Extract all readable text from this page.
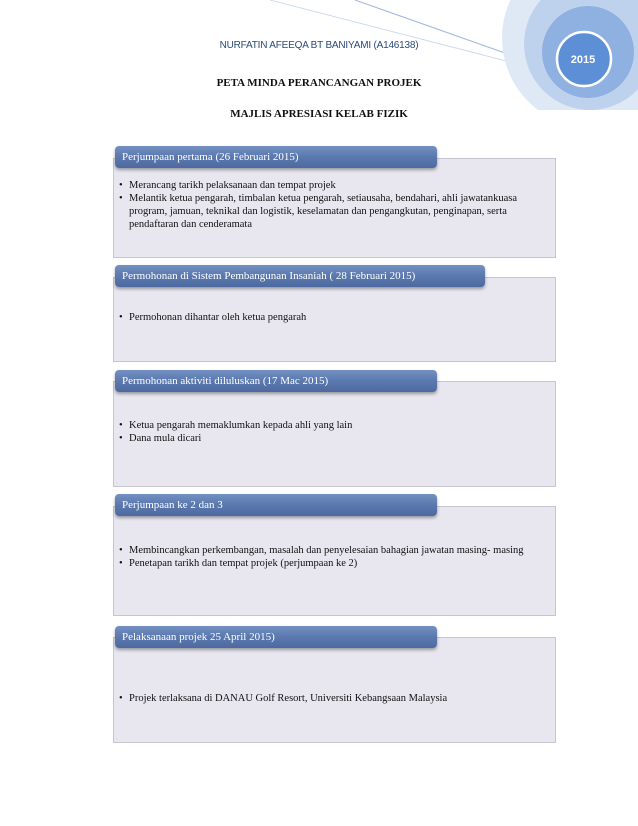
2015
NURFATIN AFEEQA BT BANIYAMI (A146138)
PETA MINDA PERANCANGAN PROJEK
MAJLIS APRESIASI KELAB FIZIK
• Merancang tarikh pelaksanaan dan tempat projek
• Melantik ketua pengarah, timbalan ketua pengarah, setiausaha, bendahari, ahli jawatankuasa program, jamuan, teknikal dan logistik, keselamatan dan pengangkutan, penginapan, serta pendaftaran dan cenderamata
Perjumpaan pertama (26 Februari 2015)
• Permohonan dihantar oleh ketua pengarah
Permohonan di Sistem Pembangunan Insaniah ( 28 Februari 2015)
• Ketua pengarah memaklumkan kepada ahli yang lain
• Dana mula dicari
Permohonan aktiviti diluluskan (17 Mac 2015)
• Membincangkan perkembangan, masalah dan penyelesaian bahagian jawatan masing- masing
• Penetapan tarikh dan tempat projek (perjumpaan ke 2)
Perjumpaan ke 2 dan 3
• Projek terlaksana di DANAU Golf Resort, Universiti Kebangsaan Malaysia
Pelaksanaan projek 25 April 2015)
